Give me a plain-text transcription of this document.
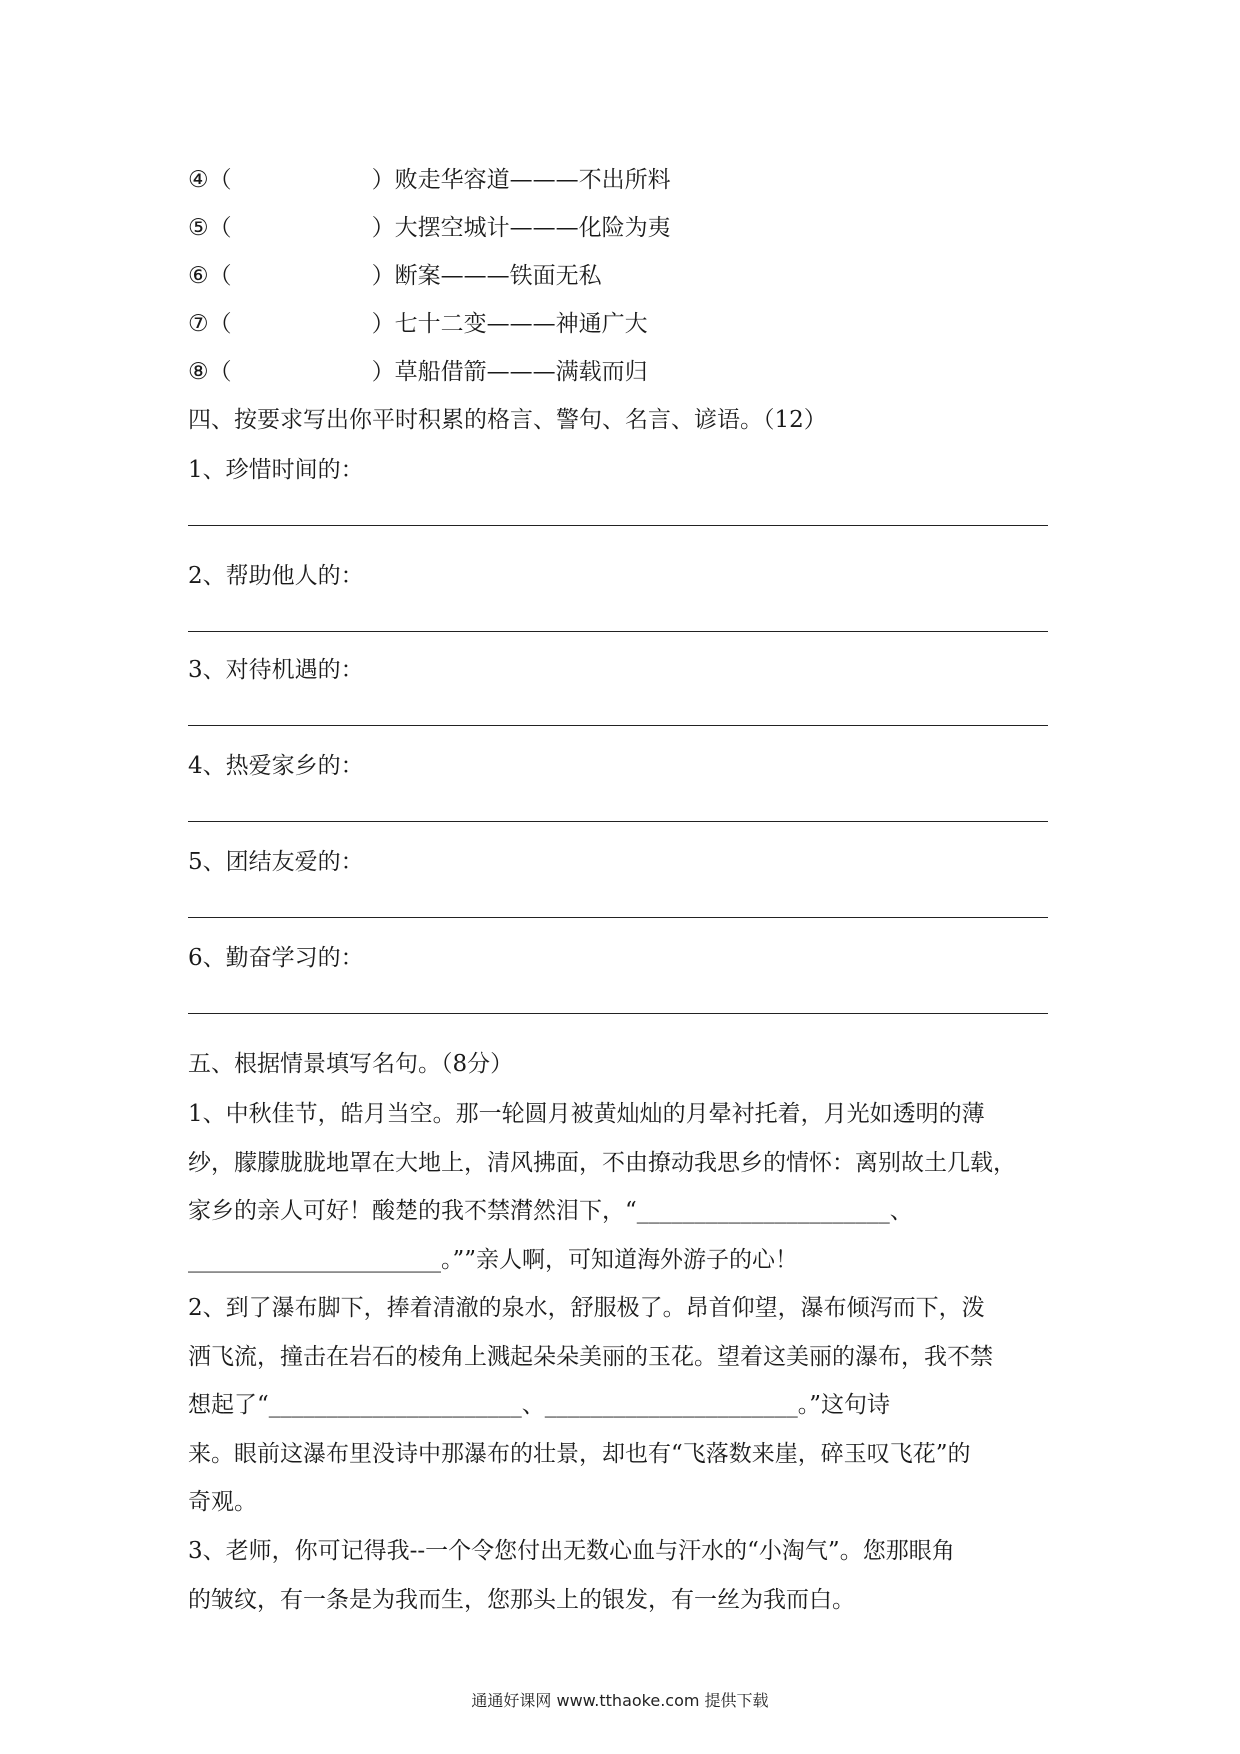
④（	）败走华容道———不出所料
⑤（	）大摆空城计———化险为夷
⑥（	）断案———铁面无私
⑦（	）七十二变———神通广大
⑧（	）草船借箭———满载而归
四、按要求写出你平时积累的格言、警句、名言、谚语。（12）
1、珍惜时间的：
2、帮助他人的：
3、对待机遇的：
4、热爱家乡的：
5、团结友爱的：
6、勤奋学习的：
五、根据情景填写名句。（8分）
1、中秋佳节，皓月当空。那一轮圆月被黄灿灿的月晕衬托着，月光如透明的薄
纱，朦朦胧胧地罩在大地上，清风拂面，不由撩动我思乡的情怀：离别故土几载，
家乡的亲人可好！酸楚的我不禁潸然泪下，“______________________、
______________________。””亲人啊，可知道海外游子的心！
2、到了瀑布脚下，捧着清澈的泉水，舒服极了。昂首仰望，瀑布倾泻而下，泼
洒飞流，撞击在岩石的棱角上溅起朵朵美丽的玉花。望着这美丽的瀑布，我不禁
想起了“______________________、______________________。”这句诗
来。眼前这瀑布里没诗中那瀑布的壮景，却也有“飞落数来崖，碎玉叹飞花”的
奇观。
3、老师，你可记得我--一个令您付出无数心血与汗水的“小淘气”。您那眼角
的皱纹，有一条是为我而生，您那头上的银发，有一丝为我而白。
通通好课网 www.tthaoke.com 提供下载
